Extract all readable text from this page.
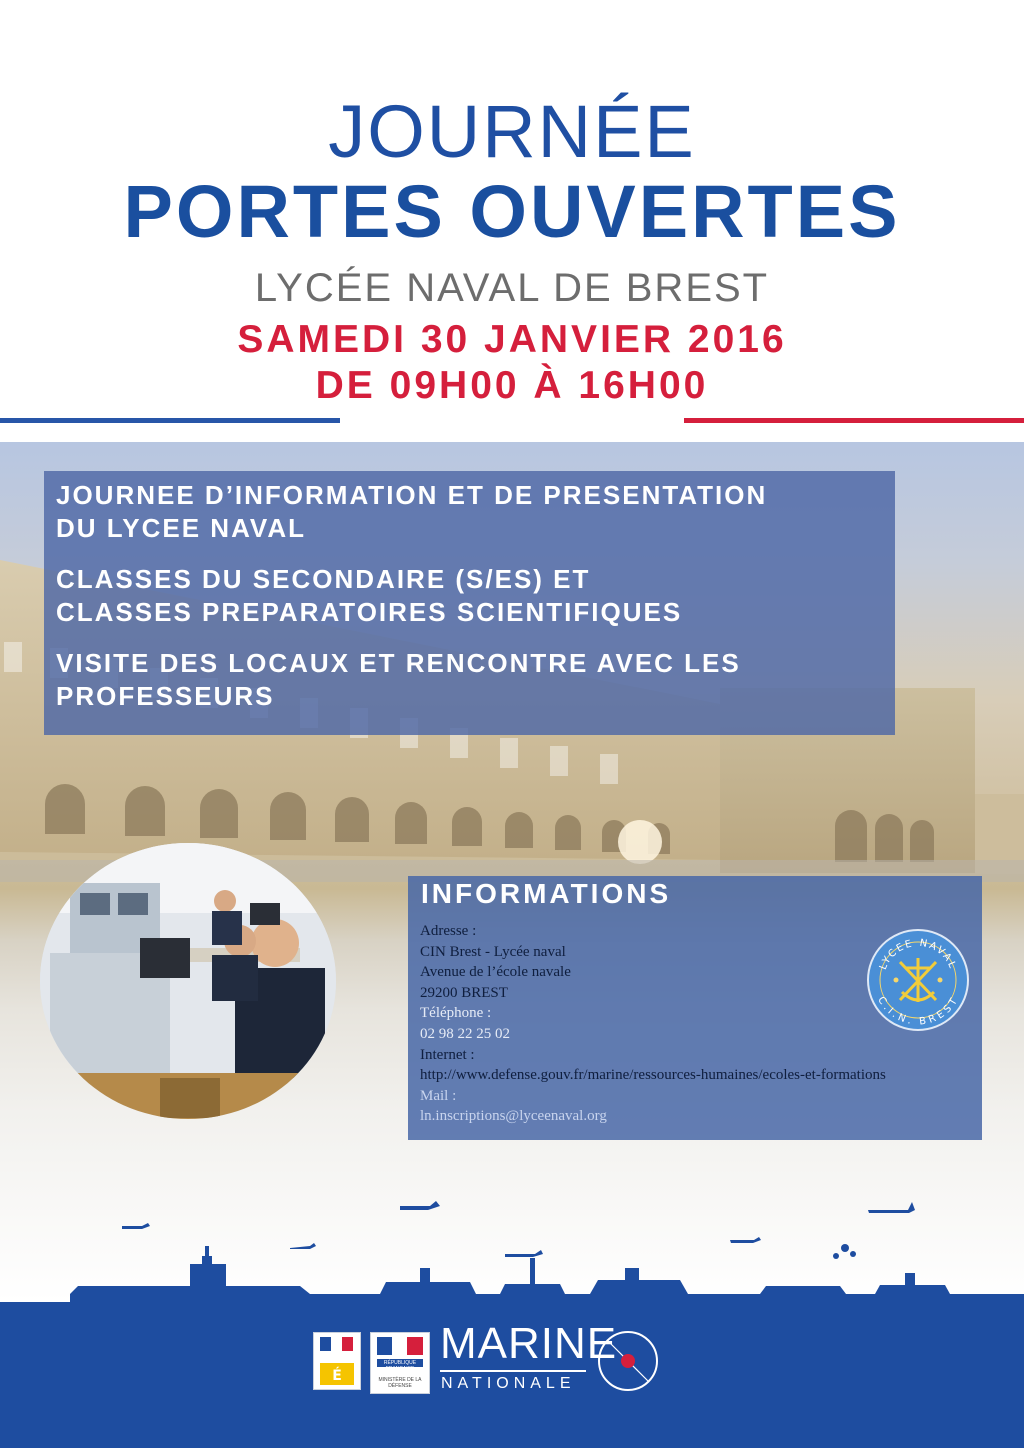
JOURNÉE
PORTES OUVERTES
LYCÉE NAVAL DE BREST
SAMEDI 30 JANVIER 2016
DE 09H00 À 16H00
JOURNEE D’INFORMATION ET DE PRESENTATION
DU LYCEE NAVAL
CLASSES DU SECONDAIRE (S/ES) ET
CLASSES PREPARATOIRES SCIENTIFIQUES
VISITE DES LOCAUX ET RENCONTRE AVEC LES
PROFESSEURS
INFORMATIONS
Adresse :
CIN Brest - Lycée naval
Avenue de l’école navale
29200 BREST
Téléphone :
02 98 22 25 02
Internet :
http://www.defense.gouv.fr/marine/ressources-humaines/ecoles-et-formations
Mail :
ln.inscriptions@lyceenaval.org
LYCEE NAVAL
C.I.N. BREST
É
RÉPUBLIQUE FRANÇAISE
MINISTÈRE DE LA DÉFENSE
MARINE
NATIONALE
